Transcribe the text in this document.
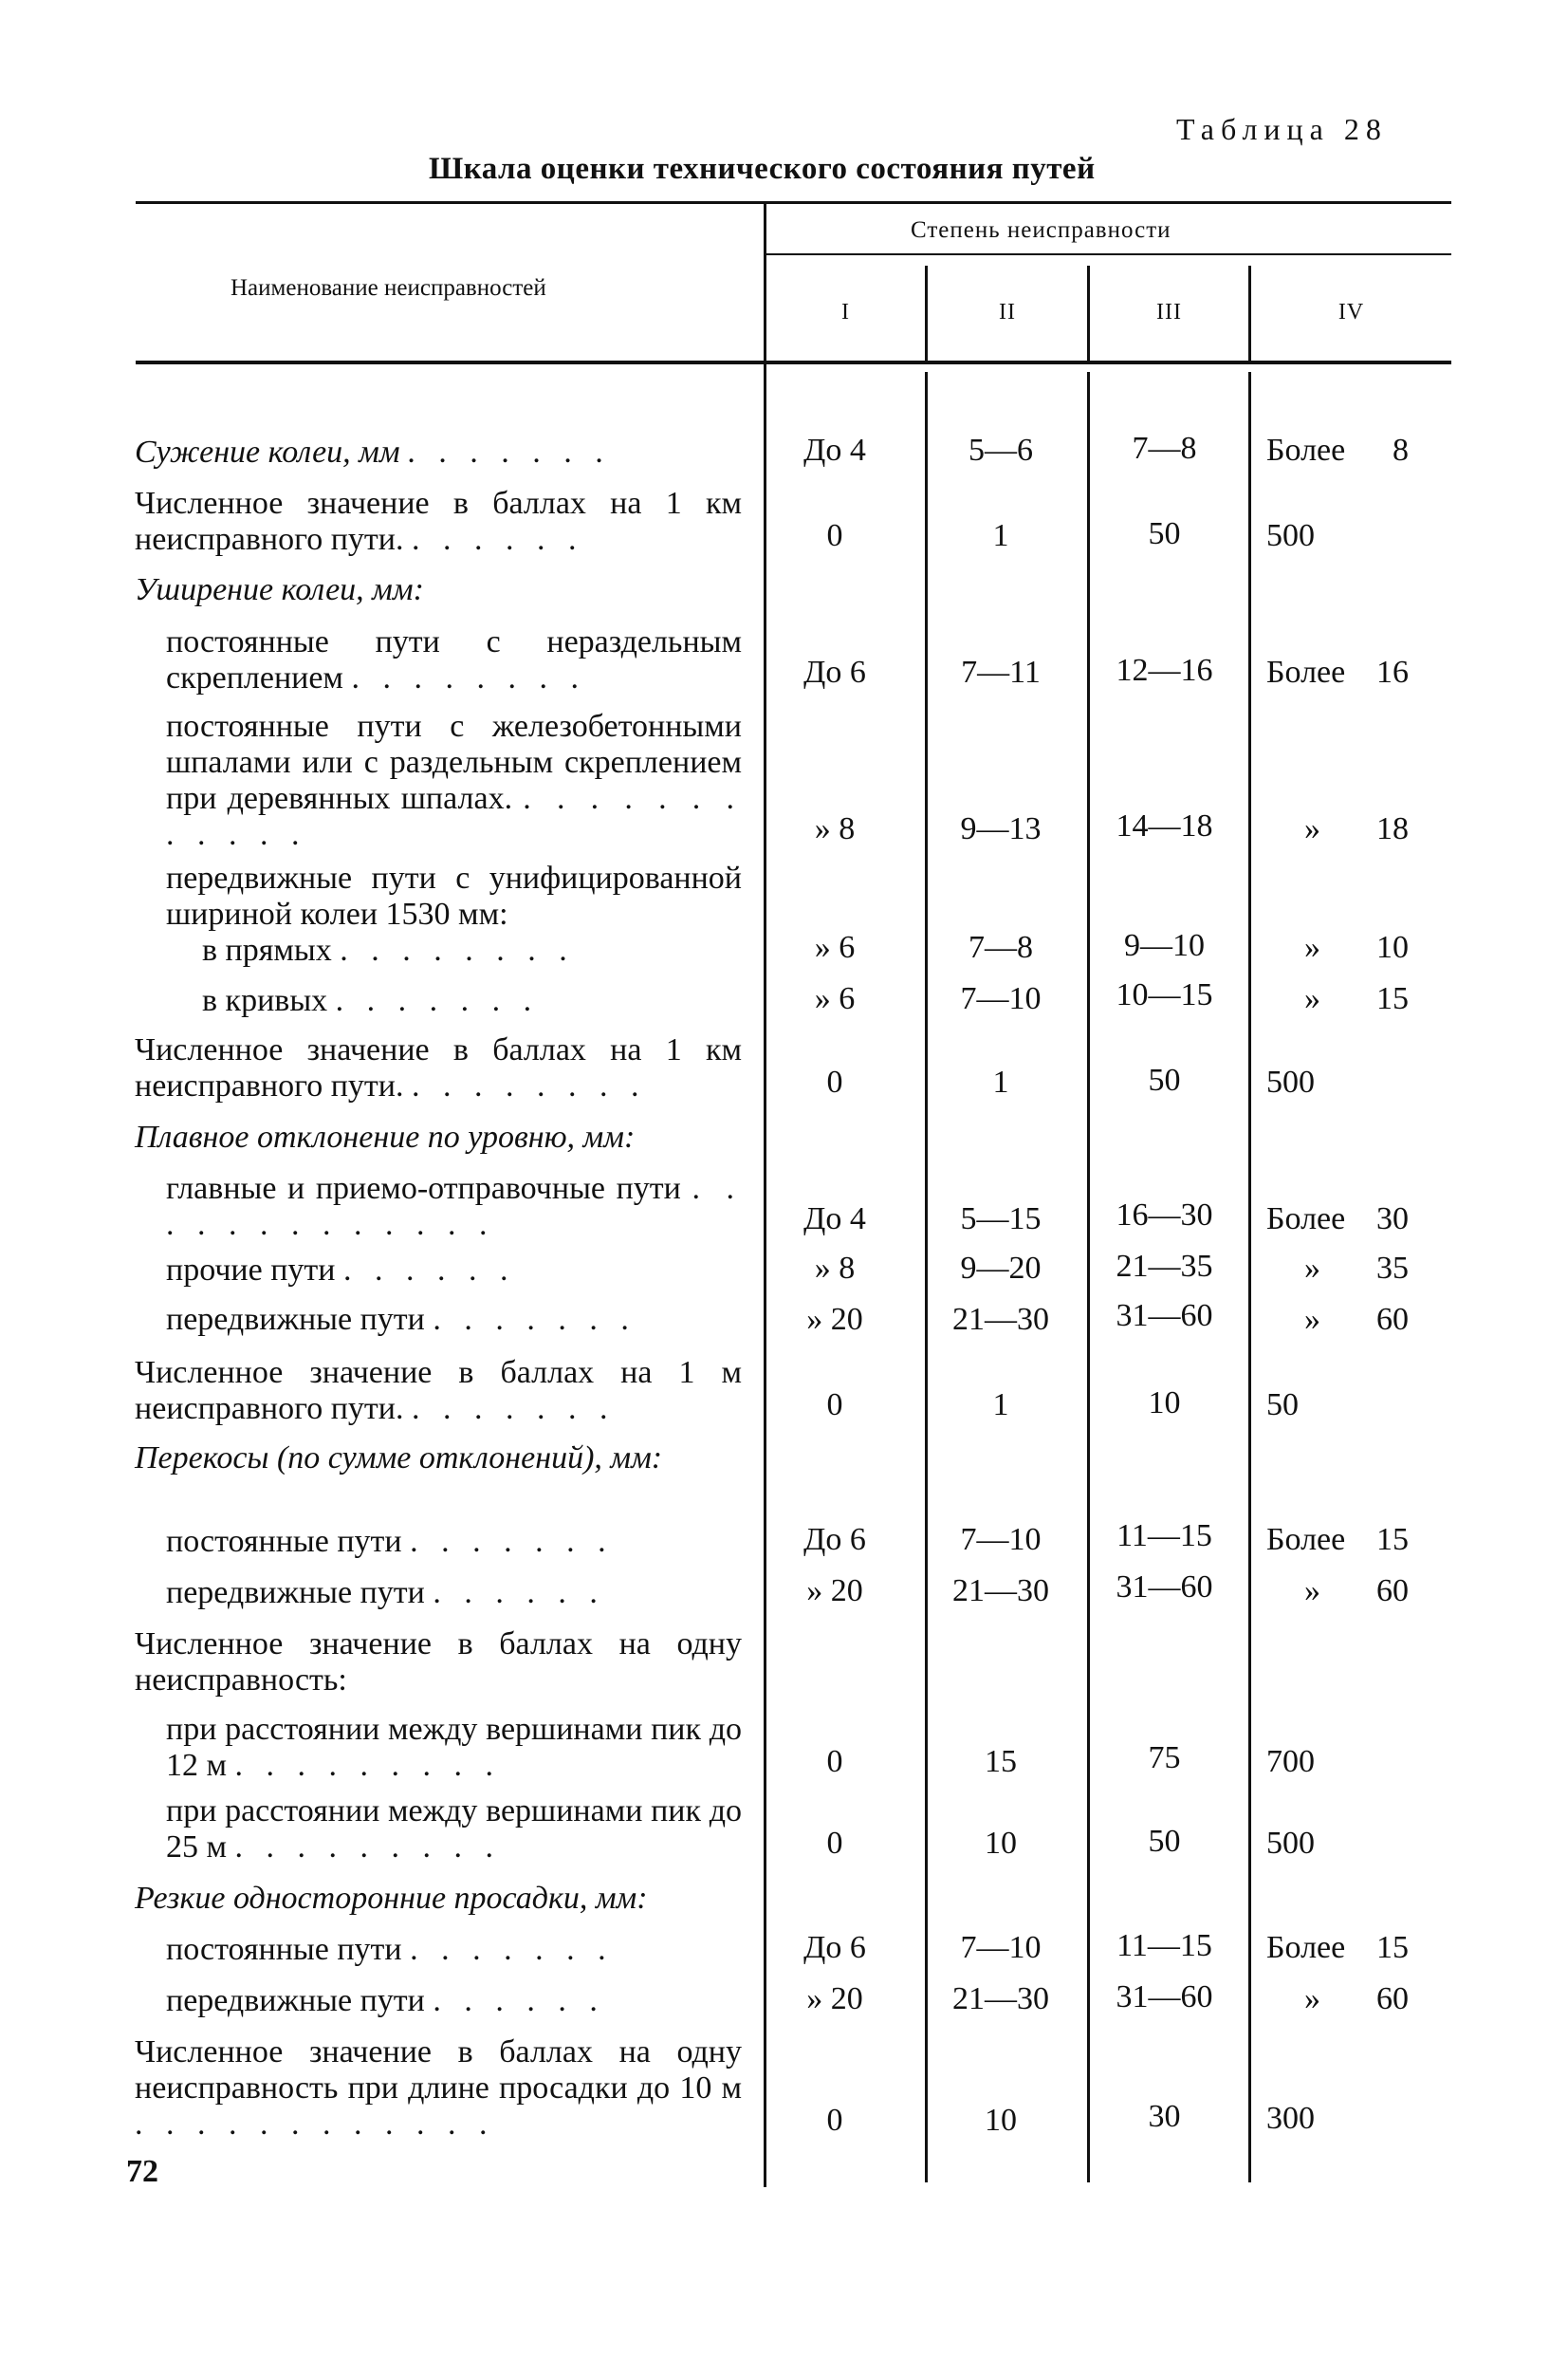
Таблица 28
Шкала оценки технического состояния путей
Наименование неисправностей
Степень неисправности
I	II	III	IV
Сужение колеи, мм . . . . . . .	До 4	5—6	7—8	Более	8
Численное значение в баллах на 1 км неисправного пути. . . . . . .	0	1	50	500
Уширение колеи, мм:
постоянные пути с нераздельным скреплением . . . . . . . .	До 6	7—11	12—16	Более 16
постоянные пути с железобетонными шпалами или с раздельным скреплением при деревянных шпалах. . . . . . . . . . . . .	» 8	9—13	14—18	»	18
передвижные пути с унифицированной шириной колеи 1530 мм:
в прямых . . . . . . . .	» 6	7—8	9—10	»	10
в кривых . . . . . . .	» 6	7—10	10—15	»	15
Численное значение в баллах на 1 км неисправного пути. . . . . . . . .	0	1	50	500
Плавное отклонение по уровню, мм:
главные и приемо-отправочные пути . . . . . . . . . . . . .	До 4	5—15	16—30	Более 30
прочие пути . . . . . .	» 8	9—20	21—35	»	35
передвижные пути . . . . . . .	» 20	21—30	31—60	»	60
Численное значение в баллах на 1 м неисправного пути. . . . . . . .	0	1	10	50
Перекосы (по сумме отклонений), мм:
постоянные пути . . . . . . .	До 6	7—10	11—15	Более 15
передвижные пути . . . . . .	» 20	21—30	31—60	»	60
Численное значение в баллах на одну неисправность:
при расстоянии между вершинами пик до 12 м . . . . . . . . .	0	15	75	700
при расстоянии между вершинами пик до 25 м . . . . . . . . .	0	10	50	500
Резкие односторонние просадки, мм:
постоянные пути . . . . . . .	До 6	7—10	11—15	Более 15
передвижные пути . . . . . .	» 20	21—30	31—60	»	60
Численное значение в баллах на одну неисправность при длине просадки до 10 м . . . . . . . . . . . .	0	10	30	300
72
